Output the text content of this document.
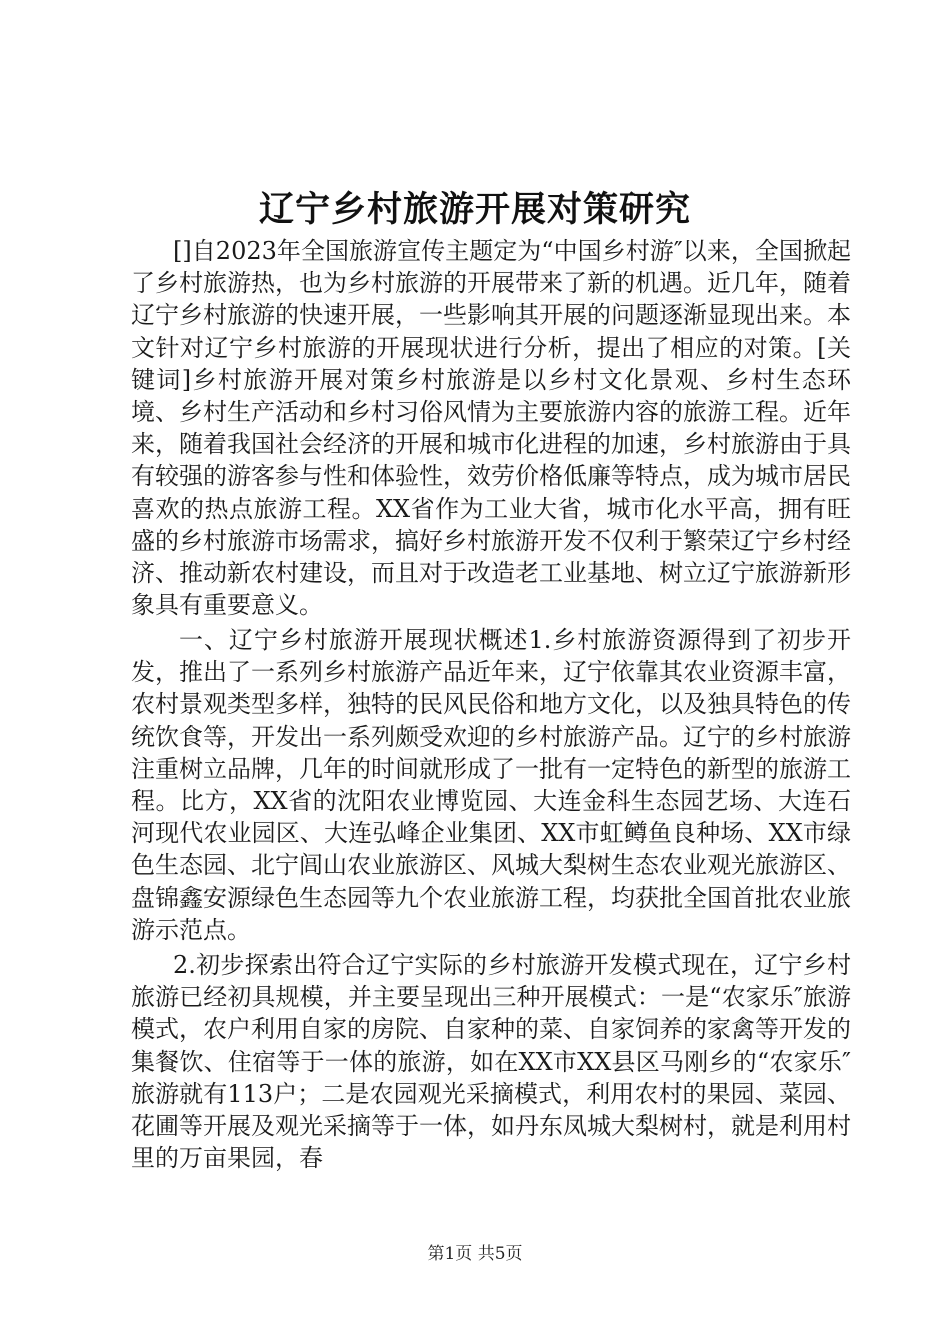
辽宁乡村旅游开展对策研究

[]自2023年全国旅游宣传主题定为“中国乡村游″以来，全国掀起了乡村旅游热，也为乡村旅游的开展带来了新的机遇。近几年，随着辽宁乡村旅游的快速开展，一些影响其开展的问题逐渐显现出来。本文针对辽宁乡村旅游的开展现状进行分析，提出了相应的对策。[关键词]乡村旅游开展对策乡村旅游是以乡村文化景观、乡村生态环境、乡村生产活动和乡村习俗风情为主要旅游内容的旅游工程。近年来，随着我国社会经济的开展和城市化进程的加速，乡村旅游由于具有较强的游客参与性和体验性，效劳价格低廉等特点，成为城市居民喜欢的热点旅游工程。XX省作为工业大省，城市化水平高，拥有旺盛的乡村旅游市场需求，搞好乡村旅游开发不仅利于繁荣辽宁乡村经济、推动新农村建设，而且对于改造老工业基地、树立辽宁旅游新形象具有重要意义。

一、辽宁乡村旅游开展现状概述1.乡村旅游资源得到了初步开发，推出了一系列乡村旅游产品近年来，辽宁依靠其农业资源丰富，农村景观类型多样，独特的民风民俗和地方文化，以及独具特色的传统饮食等，开发出一系列颇受欢迎的乡村旅游产品。辽宁的乡村旅游注重树立品牌，几年的时间就形成了一批有一定特色的新型的旅游工程。比方，XX省的沈阳农业博览园、大连金科生态园艺场、大连石河现代农业园区、大连弘峰企业集团、XX市虹鳟鱼良种场、XX市绿色生态园、北宁闾山农业旅游区、风城大梨树生态农业观光旅游区、盘锦鑫安源绿色生态园等九个农业旅游工程，均获批全国首批农业旅游示范点。

2.初步探索出符合辽宁实际的乡村旅游开发模式现在，辽宁乡村旅游已经初具规模，并主要呈现出三种开展模式：一是“农家乐″旅游模式，农户利用自家的房院、自家种的菜、自家饲养的家禽等开发的集餐饮、住宿等于一体的旅游，如在XX市XX县区马刚乡的“农家乐″旅游就有113户；二是农园观光采摘模式，利用农村的果园、菜园、花圃等开展及观光采摘等于一体，如丹东凤城大梨树村，就是利用村里的万亩果园，春

第1页 共5页
